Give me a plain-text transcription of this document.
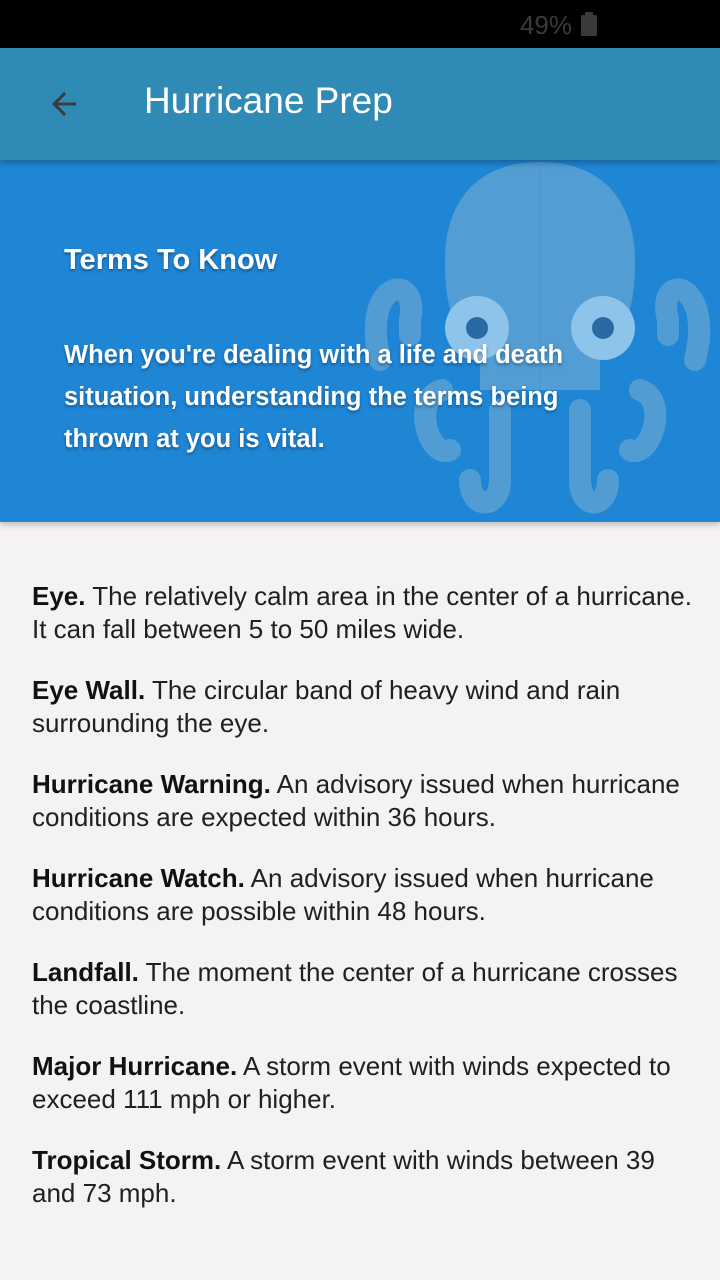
49%
Hurricane Prep
Terms To Know
When you're dealing with a life and death situation, understanding the terms being thrown at you is vital.

Eye. The relatively calm area in the center of a hurricane. It can fall between 5 to 50 miles wide.

Eye Wall. The circular band of heavy wind and rain surrounding the eye.

Hurricane Warning. An advisory issued when hurricane conditions are expected within 36 hours.

Hurricane Watch. An advisory issued when hurricane conditions are possible within 48 hours.

Landfall. The moment the center of a hurricane crosses the coastline.

Major Hurricane. A storm event with winds expected to exceed 111 mph or higher.

Tropical Storm. A storm event with winds between 39 and 73 mph.
